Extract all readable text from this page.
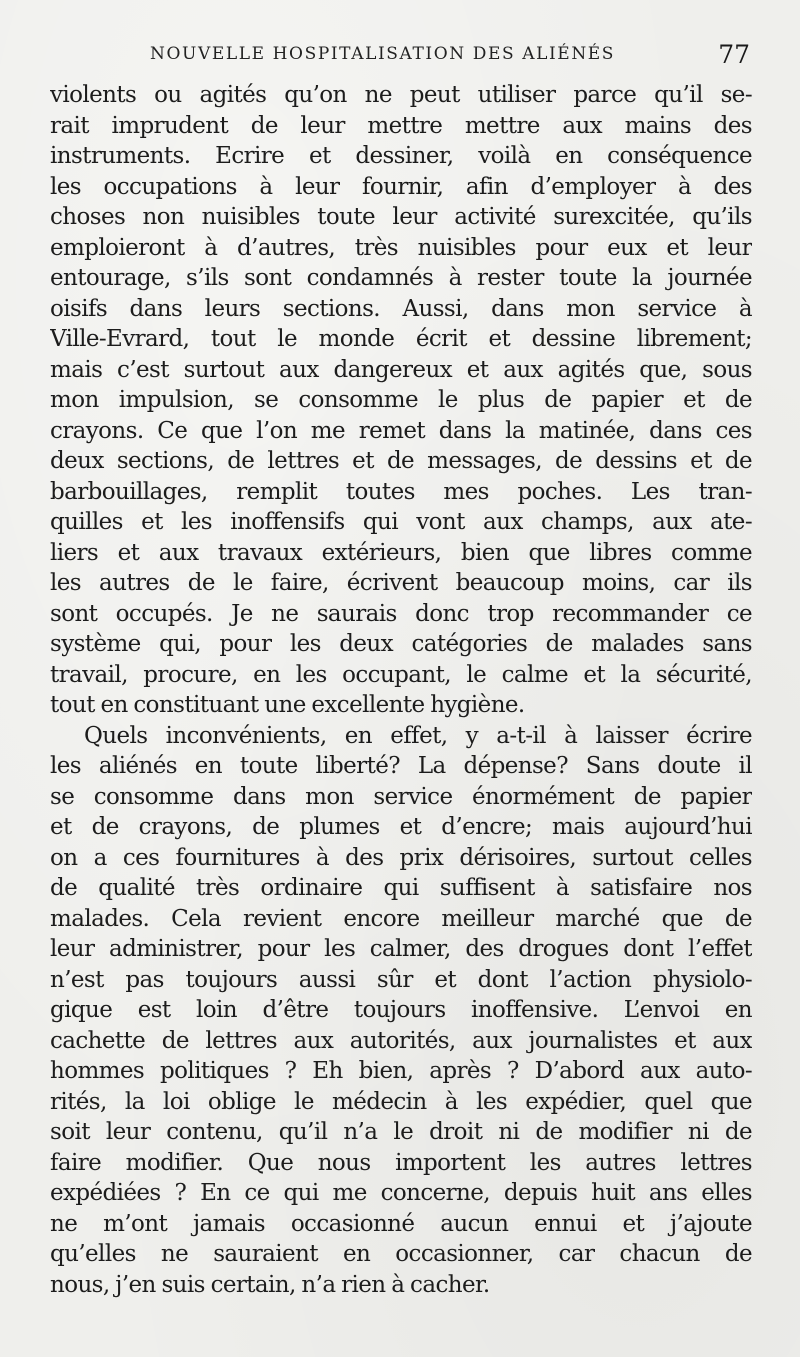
NOUVELLE HOSPITALISATION DES ALIÉNÉS	77
violents ou agités qu’on ne peut utiliser parce qu’il se-
rait imprudent de leur mettre mettre aux mains des
instruments. Ecrire et dessiner, voilà en conséquence
les occupations à leur fournir, afin d’employer à des
choses non nuisibles toute leur activité surexcitée, qu’ils
emploieront à d’autres, très nuisibles pour eux et leur
entourage, s’ils sont condamnés à rester toute la journée
oisifs dans leurs sections. Aussi, dans mon service à
Ville-Evrard, tout le monde écrit et dessine librement;
mais c’est surtout aux dangereux et aux agités que, sous
mon impulsion, se consomme le plus de papier et de
crayons. Ce que l’on me remet dans la matinée, dans ces
deux sections, de lettres et de messages, de dessins et de
barbouillages, remplit toutes mes poches. Les tran-
quilles et les inoffensifs qui vont aux champs, aux ate-
liers et aux travaux extérieurs, bien que libres comme
les autres de le faire, écrivent beaucoup moins, car ils
sont occupés. Je ne saurais donc trop recommander ce
système qui, pour les deux catégories de malades sans
travail, procure, en les occupant, le calme et la sécurité,
tout en constituant une excellente hygiène.
Quels inconvénients, en effet, y a-t-il à laisser écrire
les aliénés en toute liberté? La dépense? Sans doute il
se consomme dans mon service énormément de papier
et de crayons, de plumes et d’encre; mais aujourd’hui
on a ces fournitures à des prix dérisoires, surtout celles
de qualité très ordinaire qui suffisent à satisfaire nos
malades. Cela revient encore meilleur marché que de
leur administrer, pour les calmer, des drogues dont l’effet
n’est pas toujours aussi sûr et dont l’action physiolo-
gique est loin d’être toujours inoffensive. L’envoi en
cachette de lettres aux autorités, aux journalistes et aux
hommes politiques ? Eh bien, après ? D’abord aux auto-
rités, la loi oblige le médecin à les expédier, quel que
soit leur contenu, qu’il n’a le droit ni de modifier ni de
faire modifier. Que nous importent les autres lettres
expédiées ? En ce qui me concerne, depuis huit ans elles
ne m’ont jamais occasionné aucun ennui et j’ajoute
qu’elles ne sauraient en occasionner, car chacun de
nous, j’en suis certain, n’a rien à cacher.
